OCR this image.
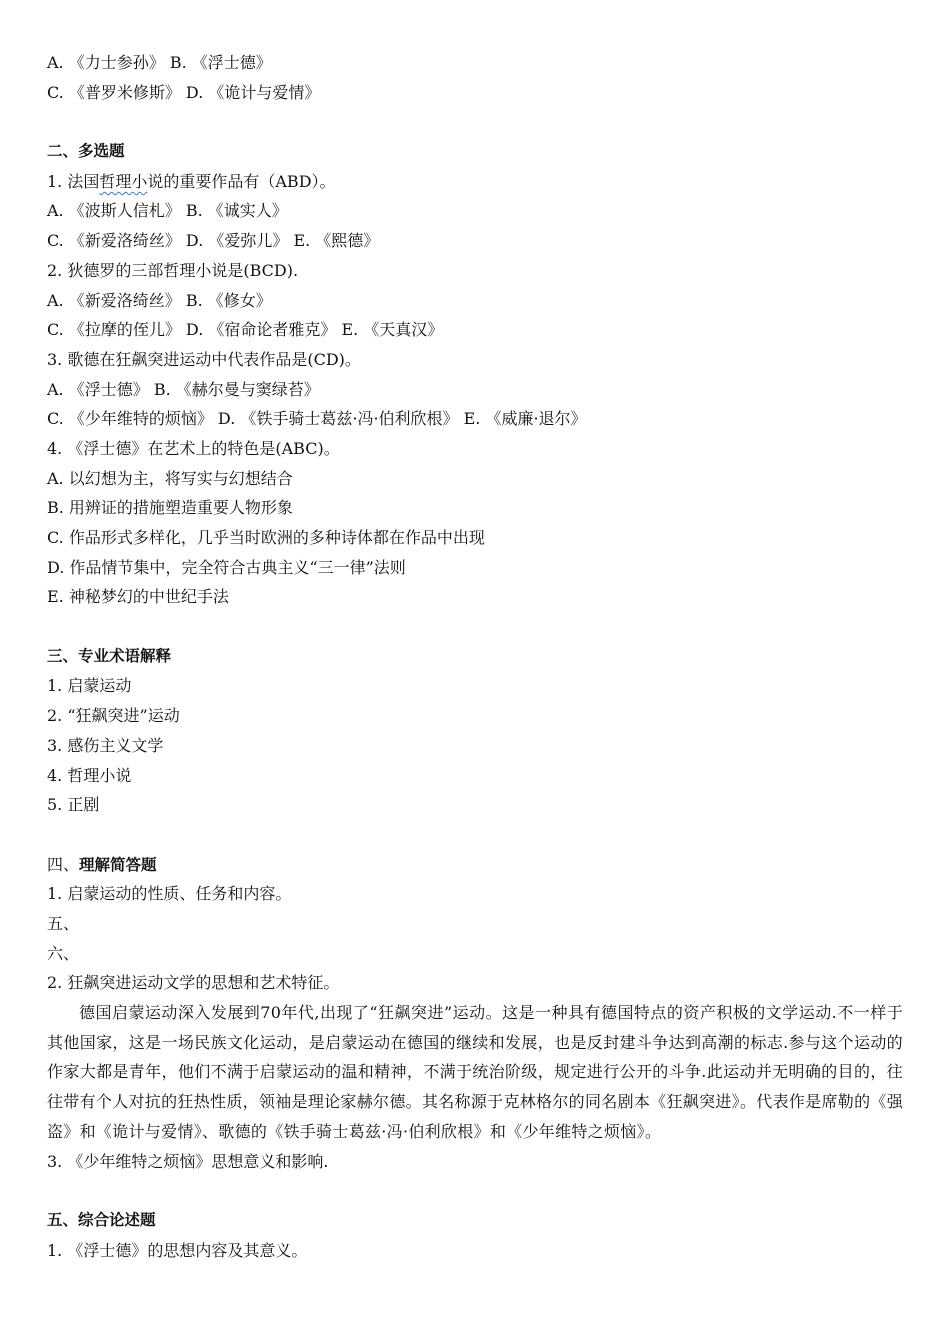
A. 《力士参孙》 B. 《浮士德》
C. 《普罗米修斯》 D. 《诡计与爱情》
二、多选题
1. 法国哲理小说的重要作品有（ABD）。
A. 《波斯人信札》 B. 《诚实人》
C. 《新爱洛绮丝》 D. 《爱弥儿》 E. 《熙德》
2. 狄德罗的三部哲理小说是(BCD).
A. 《新爱洛绮丝》 B. 《修女》
C. 《拉摩的侄儿》 D. 《宿命论者雅克》 E. 《天真汉》
3. 歌德在狂飙突进运动中代表作品是(CD)。
A. 《浮士德》 B. 《赫尔曼与窦绿苔》
C. 《少年维特的烦恼》 D. 《铁手骑士葛兹·冯·伯利欣根》 E. 《威廉·退尔》
4. 《浮士德》在艺术上的特色是(ABC)。
A. 以幻想为主，将写实与幻想结合
B. 用辨证的措施塑造重要人物形象
C. 作品形式多样化，几乎当时欧洲的多种诗体都在作品中出现
D. 作品情节集中，完全符合古典主义“三一律”法则
E. 神秘梦幻的中世纪手法
三、专业术语解释
1. 启蒙运动
2. “狂飙突进”运动
3. 感伤主义文学
4. 哲理小说
5. 正剧
四、理解简答题
1. 启蒙运动的性质、任务和内容。
五、
六、
2. 狂飙突进运动文学的思想和艺术特征。
德国启蒙运动深入发展到70年代,出现了“狂飙突进”运动。这是一种具有德国特点的资产积极的文学运动.不一样于其他国家，这是一场民族文化运动，是启蒙运动在德国的继续和发展，也是反封建斗争达到高潮的标志.参与这个运动的作家大都是青年，他们不满于启蒙运动的温和精神，不满于统治阶级，规定进行公开的斗争.此运动并无明确的目的，往往带有个人对抗的狂热性质，领袖是理论家赫尔德。其名称源于克林格尔的同名剧本《狂飙突进》。代表作是席勒的《强盗》和《诡计与爱情》、歌德的《铁手骑士葛兹·冯·伯利欣根》和《少年维特之烦恼》。
3. 《少年维特之烦恼》思想意义和影响.
五、综合论述题
1. 《浮士德》的思想内容及其意义。
